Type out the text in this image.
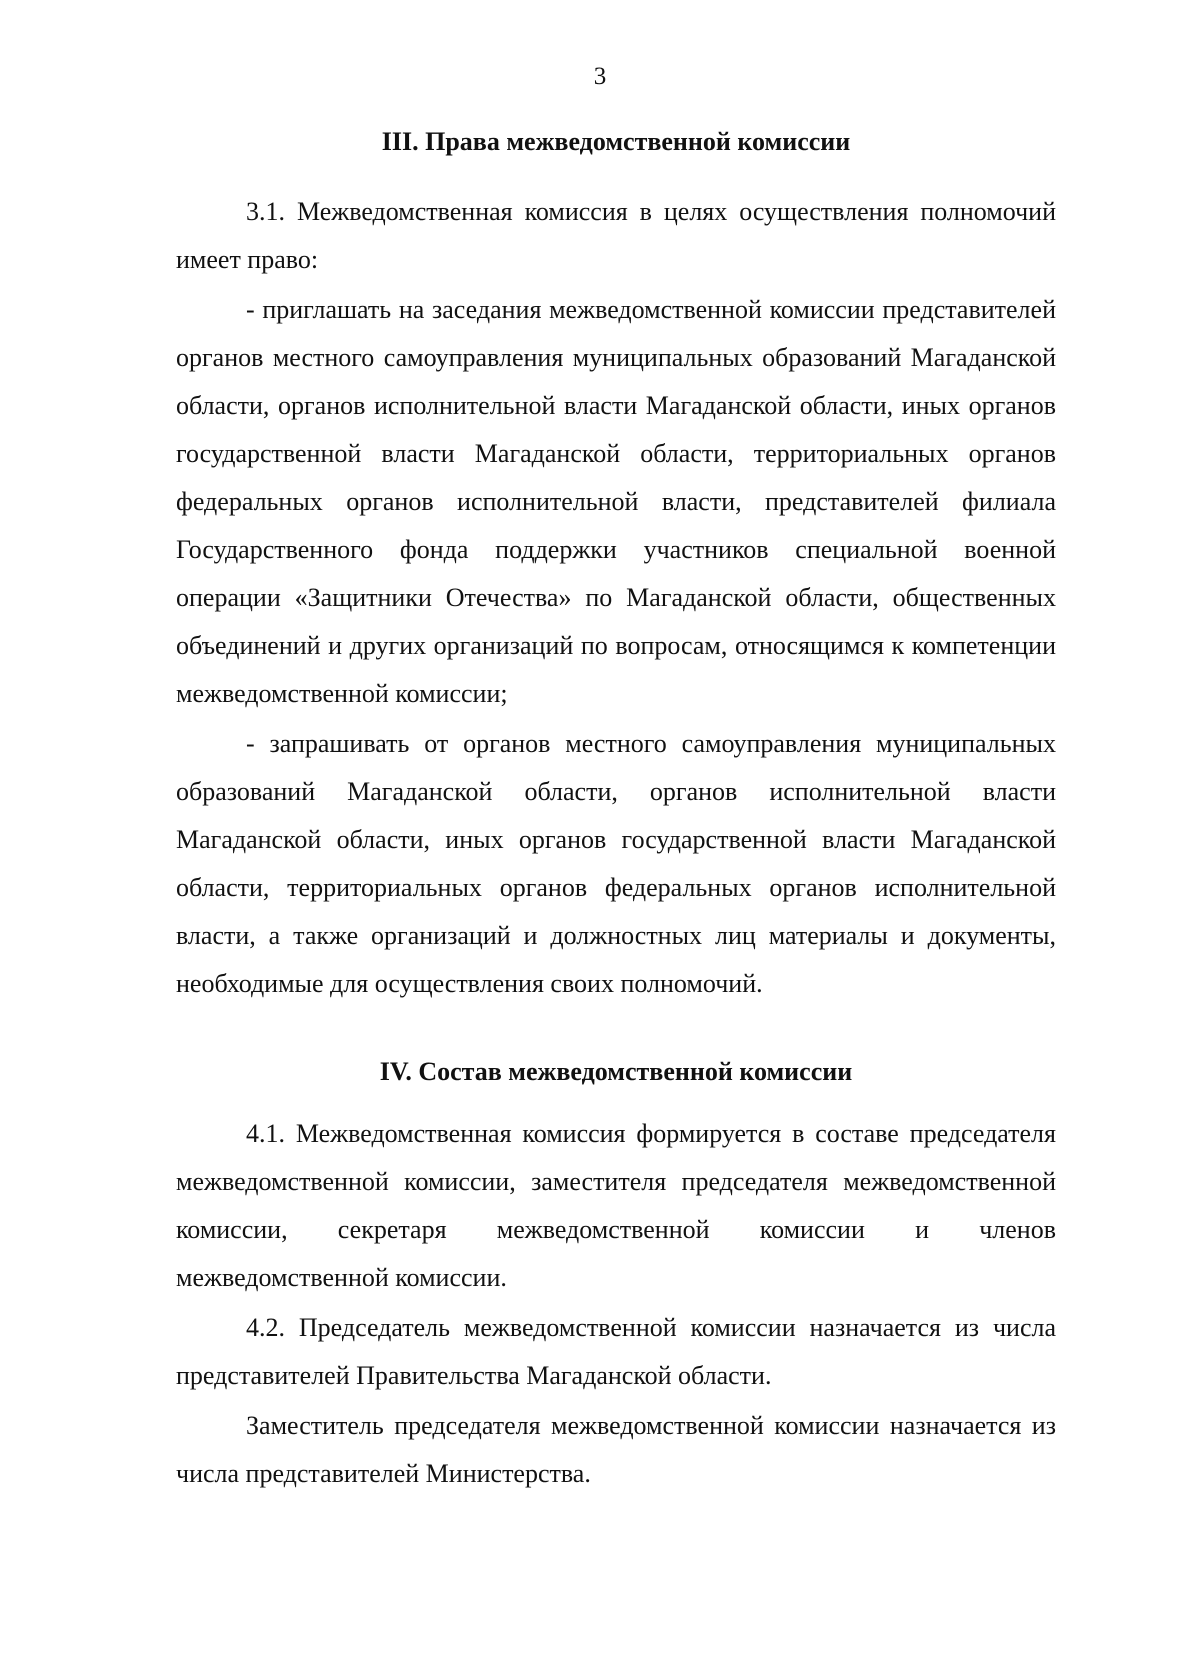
3
III. Права межведомственной комиссии

3.1. Межведомственная комиссия в целях осуществления полномочий имеет право:

- приглашать на заседания межведомственной комиссии представителей органов местного самоуправления муниципальных образований Магаданской области, органов исполнительной власти Магаданской области, иных органов государственной власти Магаданской области, территориальных органов федеральных органов исполнительной власти, представителей филиала Государственного фонда поддержки участников специальной военной операции «Защитники Отечества» по Магаданской области, общественных объединений и других организаций по вопросам, относящимся к компетенции межведомственной комиссии;

- запрашивать от органов местного самоуправления муниципальных образований Магаданской области, органов исполнительной власти Магаданской области, иных органов государственной власти Магаданской области, территориальных органов федеральных органов исполнительной власти, а также организаций и должностных лиц материалы и документы, необходимые для осуществления своих полномочий.

IV. Состав межведомственной комиссии

4.1. Межведомственная комиссия формируется в составе председателя межведомственной комиссии, заместителя председателя межведомственной комиссии, секретаря межведомственной комиссии и членов межведомственной комиссии.

4.2. Председатель межведомственной комиссии назначается из числа представителей Правительства Магаданской области.

Заместитель председателя межведомственной комиссии назначается из числа представителей Министерства.
